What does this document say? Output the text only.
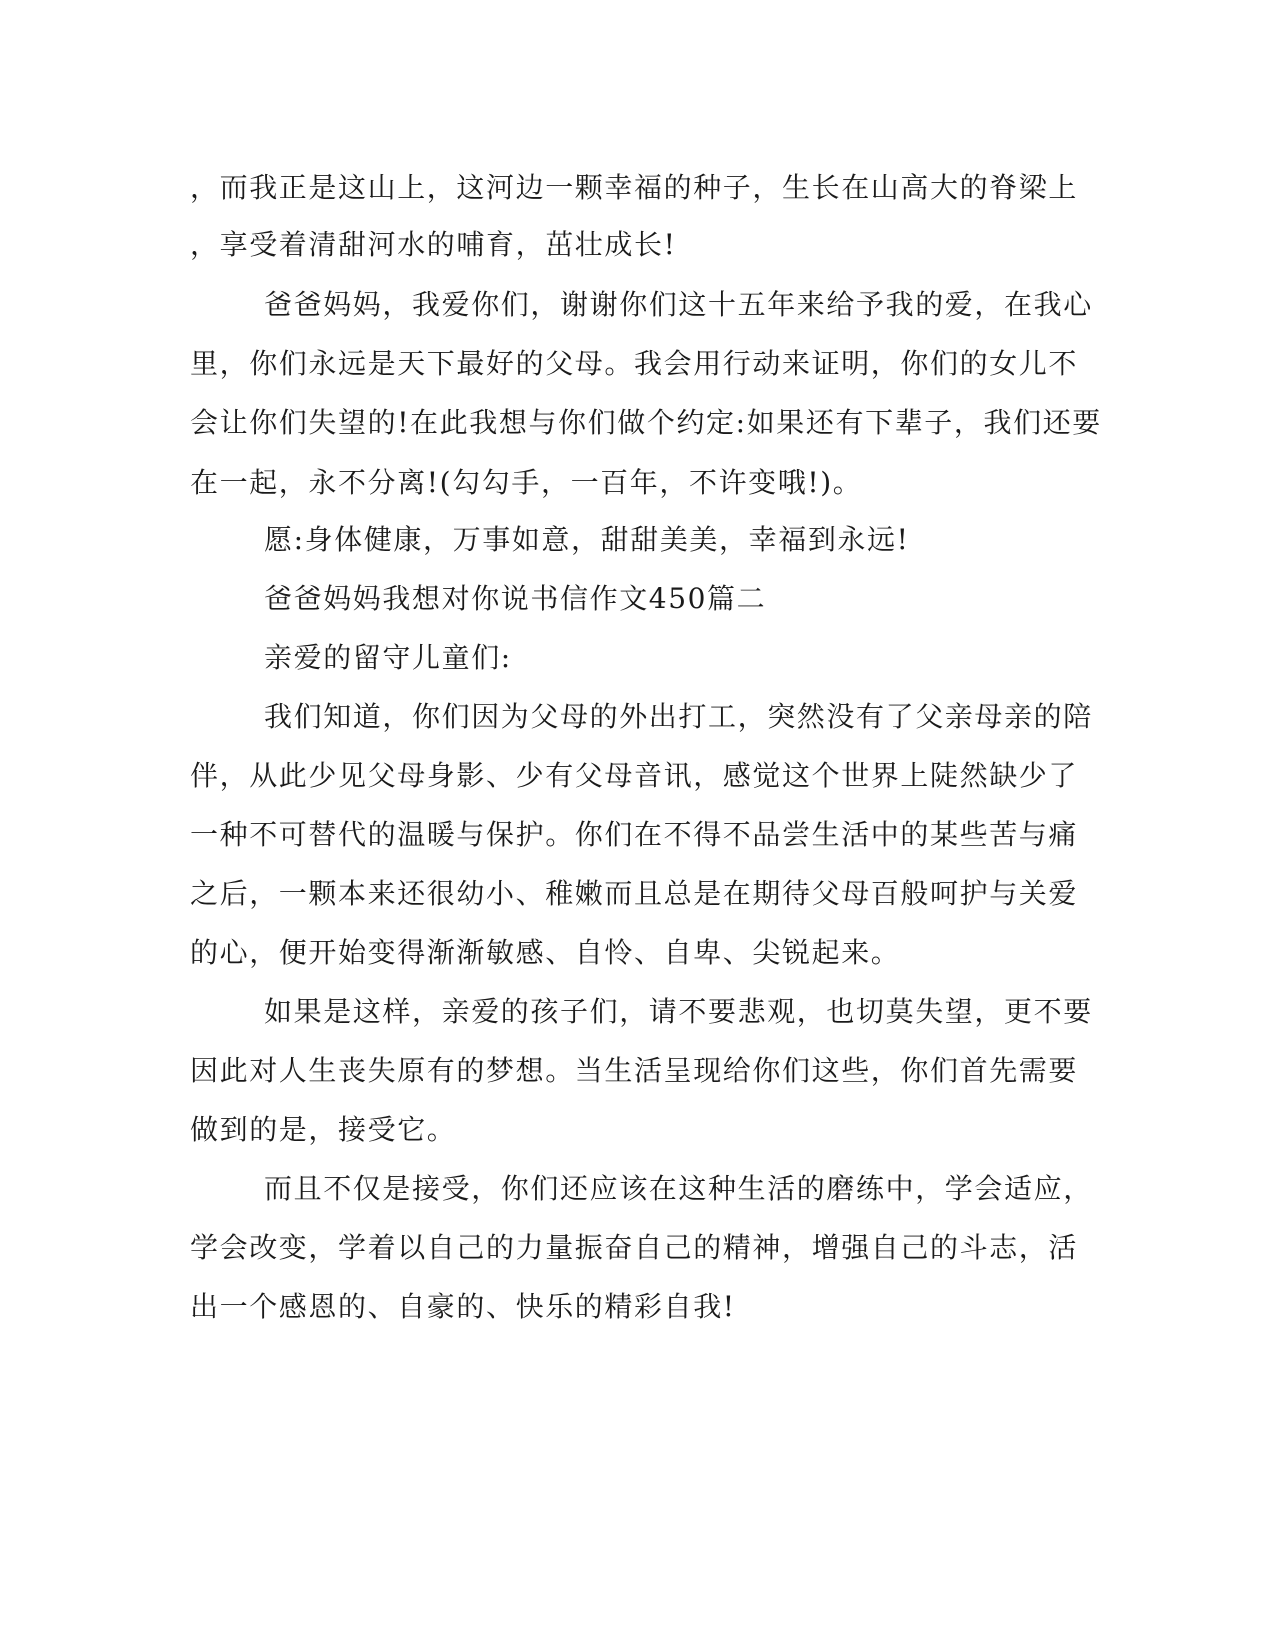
，而我正是这山上，这河边一颗幸福的种子，生长在山高大的脊梁上
，享受着清甜河水的哺育，茁壮成长!
爸爸妈妈，我爱你们，谢谢你们这十五年来给予我的爱，在我心
里，你们永远是天下最好的父母。我会用行动来证明，你们的女儿不
会让你们失望的!在此我想与你们做个约定:如果还有下辈子，我们还要
在一起，永不分离!(勾勾手，一百年，不许变哦!)。
愿:身体健康，万事如意，甜甜美美，幸福到永远!
爸爸妈妈我想对你说书信作文450篇二
亲爱的留守儿童们:
我们知道，你们因为父母的外出打工，突然没有了父亲母亲的陪
伴，从此少见父母身影、少有父母音讯，感觉这个世界上陡然缺少了
一种不可替代的温暖与保护。你们在不得不品尝生活中的某些苦与痛
之后，一颗本来还很幼小、稚嫩而且总是在期待父母百般呵护与关爱
的心，便开始变得渐渐敏感、自怜、自卑、尖锐起来。
如果是这样，亲爱的孩子们，请不要悲观，也切莫失望，更不要
因此对人生丧失原有的梦想。当生活呈现给你们这些，你们首先需要
做到的是，接受它。
而且不仅是接受，你们还应该在这种生活的磨练中，学会适应，
学会改变，学着以自己的力量振奋自己的精神，增强自己的斗志，活
出一个感恩的、自豪的、快乐的精彩自我!
